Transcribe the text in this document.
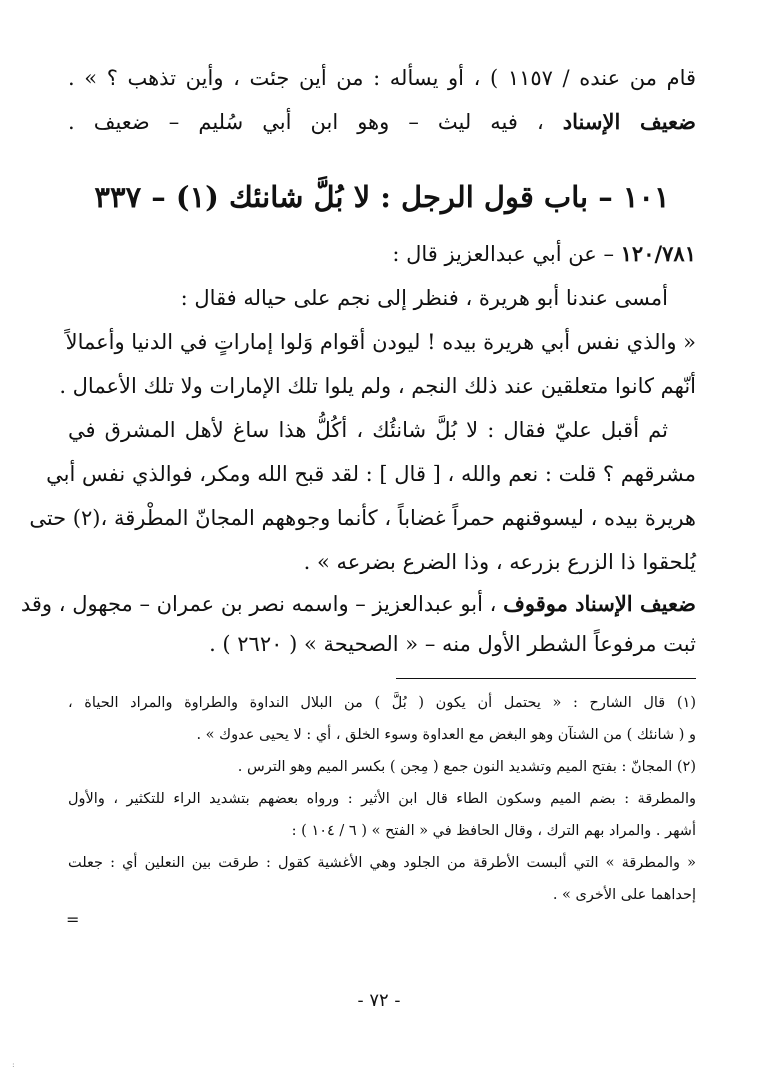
قام من عنده / ١١٥٧ ) ، أو يسأله : من أين جئت ، وأين تذهب ؟ » .
ضعيف الإسناد ، فيه ليث – وهو ابن أبي سُليم – ضعيف .
١٠١ – باب قول الرجل : لا بُلَّ شانئك (١) – ٣٣٧
١٢٠/٧٨١ – عن أبي عبدالعزيز قال :
أمسى عندنا أبو هريرة ، فنظر إلى نجم على حياله فقال :
« والذي نفس أبي هريرة بيده ! ليودن أقوام وَلوا إماراتٍ في الدنيا وأعمالاً
أنّهم كانوا متعلقين عند ذلك النجم ، ولم يلوا تلك الإمارات ولا تلك الأعمال .
ثم أقبل عليّ فقال : لا بُلَّ شانئُك ، أكُلُّ هذا ساغ لأهل المشرق في
مشرقهم ؟ قلت : نعم والله ، [ قال ] : لقد قبح الله ومكر، فوالذي نفس أبي
هريرة بيده ، ليسوقنهم حمراً غضاباً ، كأنما وجوههم المجانّ المطْرقة ،(٢) حتى
يُلحقوا ذا الزرع بزرعه ، وذا الضرع بضرعه » .
ضعيف الإسناد موقوف ، أبو عبدالعزيز – واسمه نصر بن عمران – مجهول ، وقد
ثبت مرفوعاً الشطر الأول منه – « الصحيحة » ( ٢٦٢٠ ) .
(١) قال الشارح : « يحتمل أن يكون ( بُلَّ ) من البلال النداوة والطراوة والمراد الحياة ،
و ( شانئك ) من الشنآن وهو البغض مع العداوة وسوء الخلق ، أي : لا يحيى عدوك » .
(٢) المجانّ : بفتح الميم وتشديد النون جمع ( مِجن ) بكسر الميم وهو الترس .
والمطرقة : بضم الميم وسكون الطاء قال ابن الأثير : ورواه بعضهم بتشديد الراء للتكثير ، والأول
أشهر . والمراد بهم الترك ، وقال الحافظ في « الفتح » ( ٦ / ١٠٤ ) :
« والمطرقة » التي ألبست الأطرقة من الجلود وهي الأغشية كقول : طرقت بين النعلين أي : جعلت
إحداهما على الأخرى » .
=
- ٧٢ -
:
